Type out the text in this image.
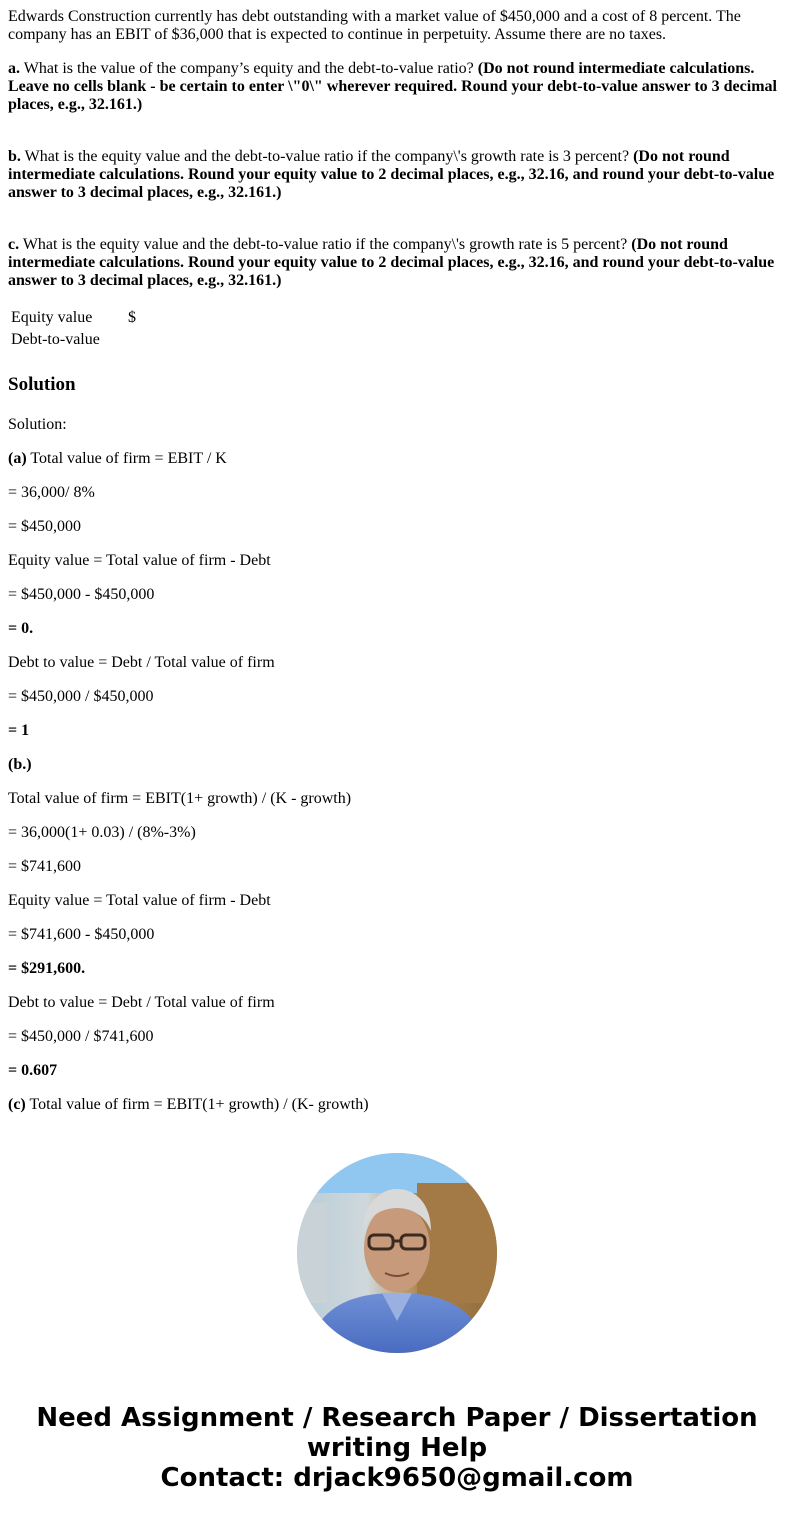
Edwards Construction currently has debt outstanding with a market value of $450,000 and a cost of 8 percent. The company has an EBIT of $36,000 that is expected to continue in perpetuity. Assume there are no taxes.

a. What is the value of the company’s equity and the debt-to-value ratio? (Do not round intermediate calculations. Leave no cells blank - be certain to enter \"0\" wherever required. Round your debt-to-value answer to 3 decimal places, e.g., 32.161.)

b. What is the equity value and the debt-to-value ratio if the company\'s growth rate is 3 percent? (Do not round intermediate calculations. Round your equity value to 2 decimal places, e.g., 32.16, and round your debt-to-value answer to 3 decimal places, e.g., 32.161.)

c. What is the equity value and the debt-to-value ratio if the company\'s growth rate is 5 percent? (Do not round intermediate calculations. Round your equity value to 2 decimal places, e.g., 32.16, and round your debt-to-value answer to 3 decimal places, e.g., 32.161.)

Equity value	$
Debt-to-value	
Solution

Solution:

(a) Total value of firm = EBIT / K

= 36,000/ 8%

= $450,000

Equity value = Total value of firm - Debt

= $450,000 - $450,000

= 0.

Debt to value = Debt / Total value of firm

= $450,000 / $450,000

= 1

(b.)

Total value of firm = EBIT(1+ growth) / (K - growth)

= 36,000(1+ 0.03) / (8%-3%)

= $741,600

Equity value = Total value of firm - Debt

= $741,600 - $450,000

= $291,600.

Debt to value = Debt / Total value of firm

= $450,000 / $741,600

= 0.607

(c) Total value of firm = EBIT(1+ growth) / (K- growth)

Need Assignment / Research Paper / Dissertation
writing Help
Contact: drjack9650@gmail.com
